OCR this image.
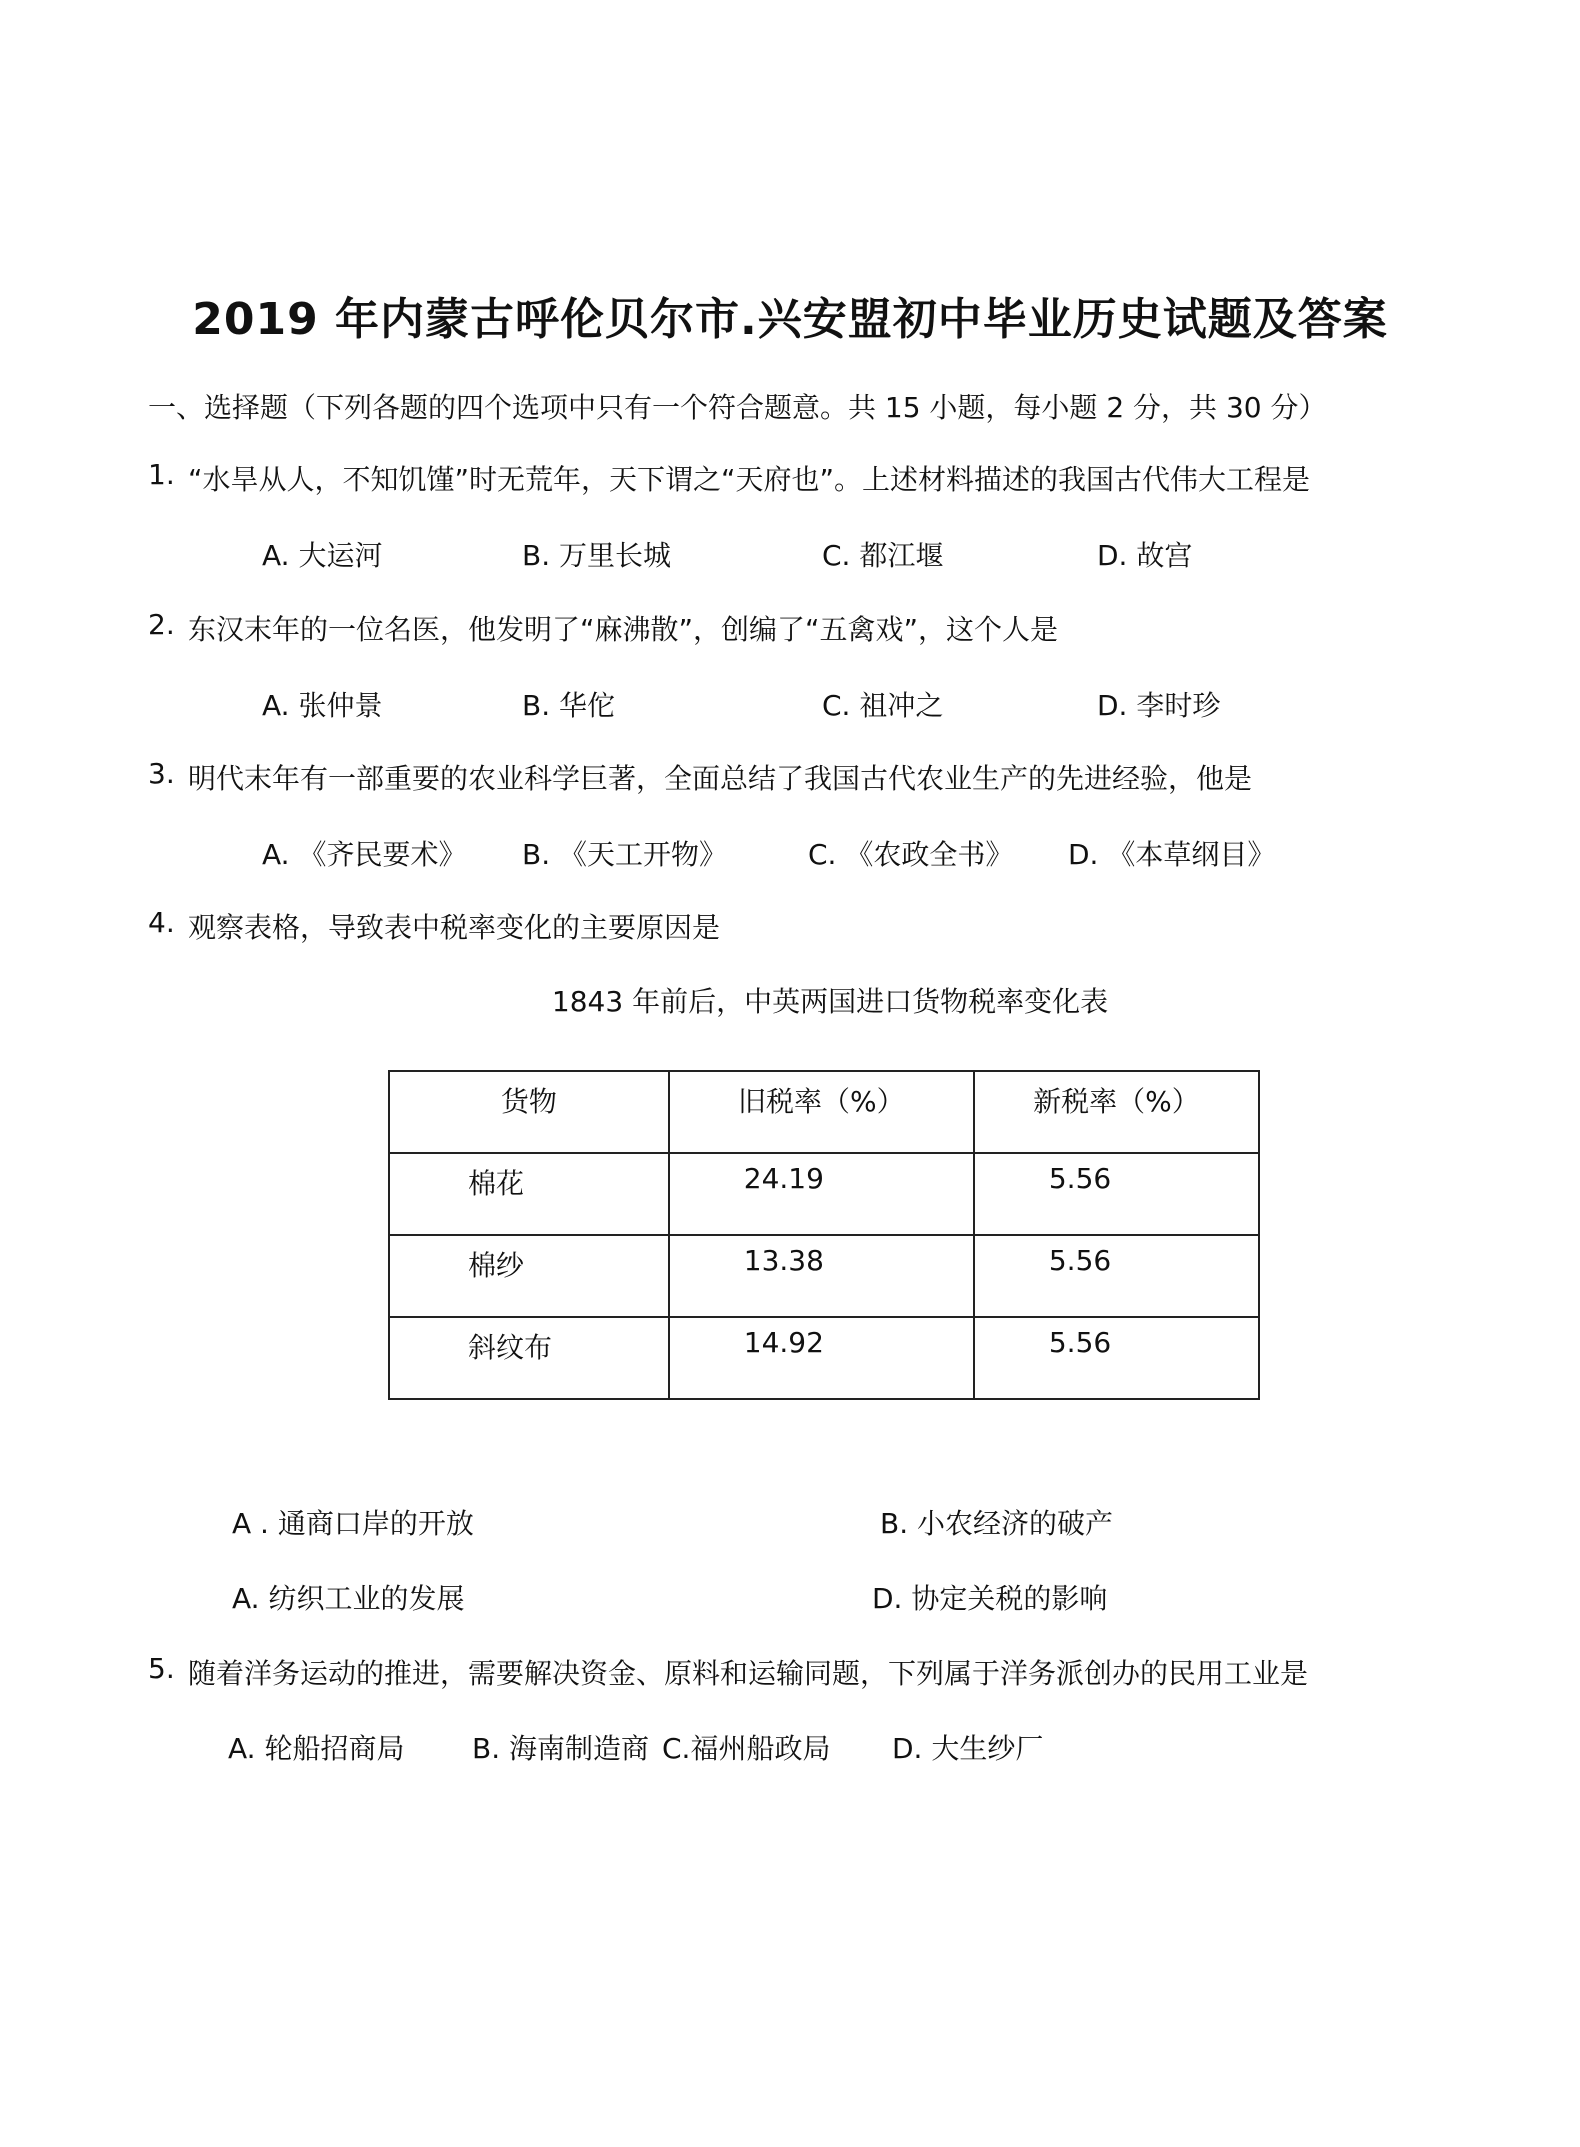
2019 年内蒙古呼伦贝尔市.兴安盟初中毕业历史试题及答案
一、选择题（下列各题的四个选项中只有一个符合题意。共 15 小题，每小题 2 分，共 30 分）
1. “水旱从人，不知饥馑”时无荒年，天下谓之“天府也”。上述材料描述的我国古代伟大工程是
A. 大运河	B. 万里长城	C. 都江堰	D. 故宫
2. 东汉末年的一位名医，他发明了“麻沸散”，创编了“五禽戏”，这个人是
A. 张仲景	B. 华佗	C. 祖冲之	D. 李时珍
3. 明代末年有一部重要的农业科学巨著，全面总结了我国古代农业生产的先进经验，他是
A. 《齐民要术》 B. 《天工开物》	C. 《农政全书》 D. 《本草纲目》
4. 观察表格，导致表中税率变化的主要原因是
1843 年前后，中英两国进口货物税率变化表
货物	旧税率（%）	新税率（%）
棉花	24.19	5.56
棉纱	13.38	5.56
斜纹布	14.92	5.56
A . 通商口岸的开放	B. 小农经济的破产
A. 纺织工业的发展	D. 协定关税的影响
5. 随着洋务运动的推进，需要解决资金、原料和运输同题，下列属于洋务派创办的民用工业是
A. 轮船招商局 B. 海南制造商 C.福州船政局 D. 大生纱厂
